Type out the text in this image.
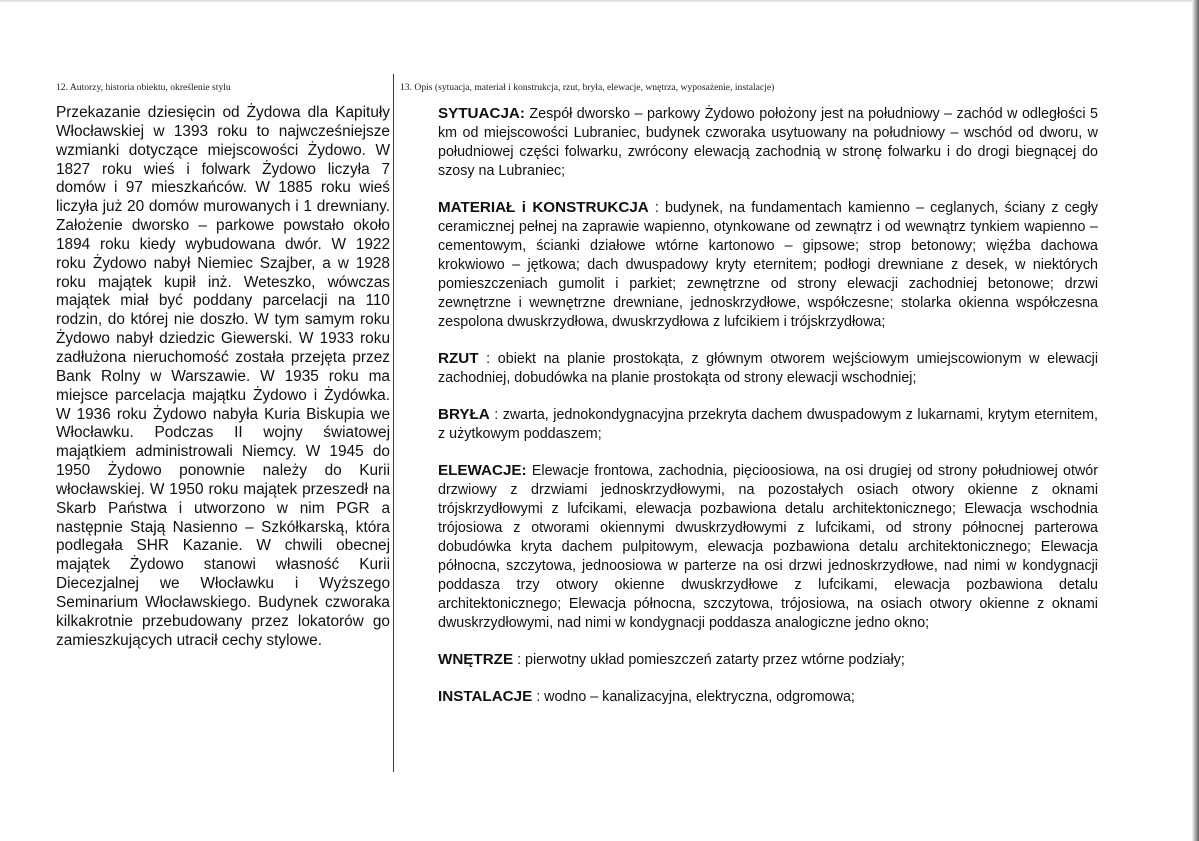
12. Autorzy, historia obiektu, określenie stylu	13. Opis (sytuacja, materiał i konstrukcja, rzut, bryła, elewacje, wnętrza, wyposażenie, instalacje)

Przekazanie dziesięcin od Żydowa dla Kapituły Włocławskiej w 1393 roku to najwcześniejsze wzmianki dotyczące miejscowości Żydowo. W 1827 roku wieś i folwark Żydowo liczyła 7 domów i 97 mieszkańców. W 1885 roku wieś liczyła już 20 domów murowanych i 1 drewniany. Założenie dworsko – parkowe powstało około 1894 roku kiedy wybudowana dwór. W 1922 roku Żydowo nabył Niemiec Szajber, a w 1928 roku majątek kupił inż. Weteszko, wówczas majątek miał być poddany parcelacji na 110 rodzin, do której nie doszło. W tym samym roku Żydowo nabył dziedzic Giewerski. W 1933 roku zadłużona nieruchomość została przejęta przez Bank Rolny w Warszawie. W 1935 roku ma miejsce parcelacja majątku Żydowo i Żydówka. W 1936 roku Żydowo nabyła Kuria Biskupia we Włocławku. Podczas II wojny światowej majątkiem administrowali Niemcy. W 1945 do 1950 Żydowo ponownie należy do Kurii włocławskiej. W 1950 roku majątek przeszedł na Skarb Państwa i utworzono w nim PGR a następnie Stają Nasienno – Szkółkarską, która podlegała SHR Kazanie. W chwili obecnej majątek Żydowo stanowi własność Kurii Diecezjalnej we Włocławku i Wyższego Seminarium Włocławskiego. Budynek czworaka kilkakrotnie przebudowany przez lokatorów go zamieszkujących utracił cechy stylowe.

SYTUACJA: Zespół dworsko – parkowy Żydowo położony jest na południowy – zachód w odległości 5 km od miejscowości Lubraniec, budynek czworaka usytuowany na południowy – wschód od dworu, w południowej części folwarku, zwrócony elewacją zachodnią w stronę folwarku i do drogi biegnącej do szosy na Lubraniec;

MATERIAŁ i KONSTRUKCJA : budynek, na fundamentach kamienno – ceglanych, ściany z cegły ceramicznej pełnej na zaprawie wapienno, otynkowane od zewnątrz i od wewnątrz tynkiem wapienno – cementowym, ścianki działowe wtórne kartonowo – gipsowe; strop betonowy; więźba dachowa krokwiowo – jętkowa; dach dwuspadowy kryty eternitem; podłogi drewniane z desek, w niektórych pomieszczeniach gumolit i parkiet; zewnętrzne od strony elewacji zachodniej betonowe; drzwi zewnętrzne i wewnętrzne drewniane, jednoskrzydłowe, współczesne; stolarka okienna współczesna zespolona dwuskrzydłowa, dwuskrzydłowa z lufcikiem i trójskrzydłowa;

RZUT : obiekt na planie prostokąta, z głównym otworem wejściowym umiejscowionym w elewacji zachodniej, dobudówka na planie prostokąta od strony elewacji wschodniej;

BRYŁA : zwarta, jednokondygnacyjna przekryta dachem dwuspadowym z lukarnami, krytym eternitem, z użytkowym poddaszem;

ELEWACJE: Elewacje frontowa, zachodnia, pięcioosiowa, na osi drugiej od strony południowej otwór drzwiowy z drzwiami jednoskrzydłowymi, na pozostałych osiach otwory okienne z oknami trójskrzydłowymi z lufcikami, elewacja pozbawiona detalu architektonicznego; Elewacja wschodnia trójosiowa z otworami okiennymi dwuskrzydłowymi z lufcikami, od strony północnej parterowa dobudówka kryta dachem pulpitowym, elewacja pozbawiona detalu architektonicznego; Elewacja północna, szczytowa, jednoosiowa w parterze na osi drzwi jednoskrzydłowe, nad nimi w kondygnacji poddasza trzy otwory okienne dwuskrzydłowe z lufcikami, elewacja pozbawiona detalu architektonicznego; Elewacja północna, szczytowa, trójosiowa, na osiach otwory okienne z oknami dwuskrzydłowymi, nad nimi w kondygnacji poddasza analogiczne jedno okno;

WNĘTRZE : pierwotny układ pomieszczeń zatarty przez wtórne podziały;

INSTALACJE : wodno – kanalizacyjna, elektryczna, odgromowa;
